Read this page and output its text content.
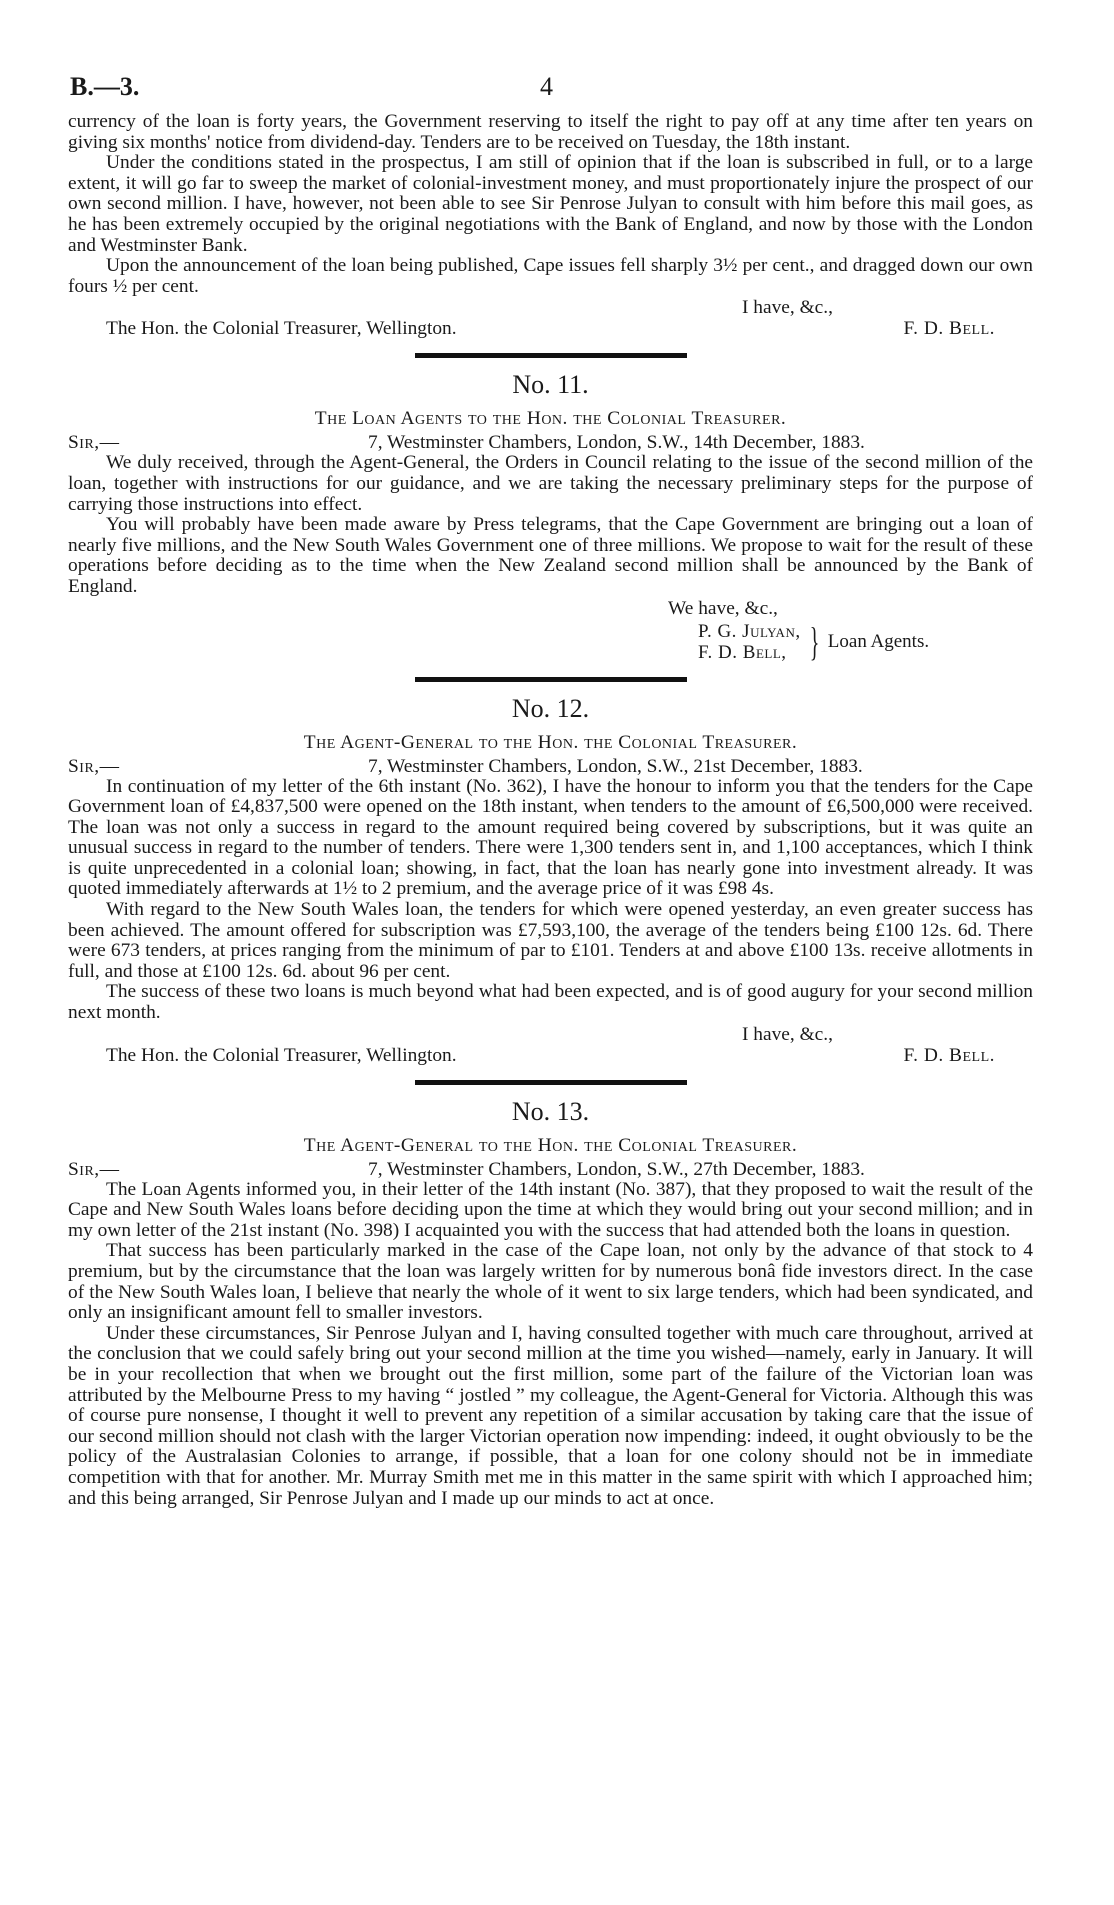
B.—3.	4

currency of the loan is forty years, the Government reserving to itself the right to pay off at any time after ten years on giving six months' notice from dividend-day. Tenders are to be received on Tuesday, the 18th instant.

Under the conditions stated in the prospectus, I am still of opinion that if the loan is subscribed in full, or to a large extent, it will go far to sweep the market of colonial-investment money, and must proportionately injure the prospect of our own second million. I have, however, not been able to see Sir Penrose Julyan to consult with him before this mail goes, as he has been extremely occupied by the original negotiations with the Bank of England, and now by those with the London and Westminster Bank.

Upon the announcement of the loan being published, Cape issues fell sharply 3½ per cent., and dragged down our own fours ½ per cent.

I have, &c.,
The Hon. the Colonial Treasurer, Wellington.	F. D. Bell.
No. 11.
The Loan Agents to the Hon. the Colonial Treasurer.
Sir,—	7, Westminster Chambers, London, S.W., 14th December, 1883.

We duly received, through the Agent-General, the Orders in Council relating to the issue of the second million of the loan, together with instructions for our guidance, and we are taking the necessary preliminary steps for the purpose of carrying those instructions into effect.

You will probably have been made aware by Press telegrams, that the Cape Government are bringing out a loan of nearly five millions, and the New South Wales Government one of three millions. We propose to wait for the result of these operations before deciding as to the time when the New Zealand second million shall be announced by the Bank of England.

We have, &c.,
P. G. Julyan,
F. D. Bell, } Loan Agents.
No. 12.
The Agent-General to the Hon. the Colonial Treasurer.
Sir,—	7, Westminster Chambers, London, S.W., 21st December, 1883.

In continuation of my letter of the 6th instant (No. 362), I have the honour to inform you that the tenders for the Cape Government loan of £4,837,500 were opened on the 18th instant, when tenders to the amount of £6,500,000 were received. The loan was not only a success in regard to the amount required being covered by subscriptions, but it was quite an unusual success in regard to the number of tenders. There were 1,300 tenders sent in, and 1,100 acceptances, which I think is quite unprecedented in a colonial loan; showing, in fact, that the loan has nearly gone into investment already. It was quoted immediately afterwards at 1½ to 2 premium, and the average price of it was £98 4s.

With regard to the New South Wales loan, the tenders for which were opened yesterday, an even greater success has been achieved. The amount offered for subscription was £7,593,100, the average of the tenders being £100 12s. 6d. There were 673 tenders, at prices ranging from the minimum of par to £101. Tenders at and above £100 13s. receive allotments in full, and those at £100 12s. 6d. about 96 per cent.

The success of these two loans is much beyond what had been expected, and is of good augury for your second million next month.

I have, &c.,
The Hon. the Colonial Treasurer, Wellington.	F. D. Bell.
No. 13.
The Agent-General to the Hon. the Colonial Treasurer.
Sir,—	7, Westminster Chambers, London, S.W., 27th December, 1883.

The Loan Agents informed you, in their letter of the 14th instant (No. 387), that they proposed to wait the result of the Cape and New South Wales loans before deciding upon the time at which they would bring out your second million; and in my own letter of the 21st instant (No. 398) I acquainted you with the success that had attended both the loans in question.

That success has been particularly marked in the case of the Cape loan, not only by the advance of that stock to 4 premium, but by the circumstance that the loan was largely written for by numerous bonâ fide investors direct. In the case of the New South Wales loan, I believe that nearly the whole of it went to six large tenders, which had been syndicated, and only an insignificant amount fell to smaller investors.

Under these circumstances, Sir Penrose Julyan and I, having consulted together with much care throughout, arrived at the conclusion that we could safely bring out your second million at the time you wished—namely, early in January. It will be in your recollection that when we brought out the first million, some part of the failure of the Victorian loan was attributed by the Melbourne Press to my having “ jostled ” my colleague, the Agent-General for Victoria. Although this was of course pure nonsense, I thought it well to prevent any repetition of a similar accusation by taking care that the issue of our second million should not clash with the larger Victorian operation now impending: indeed, it ought obviously to be the policy of the Australasian Colonies to arrange, if possible, that a loan for one colony should not be in immediate competition with that for another. Mr. Murray Smith met me in this matter in the same spirit with which I approached him; and this being arranged, Sir Penrose Julyan and I made up our minds to act at once.
